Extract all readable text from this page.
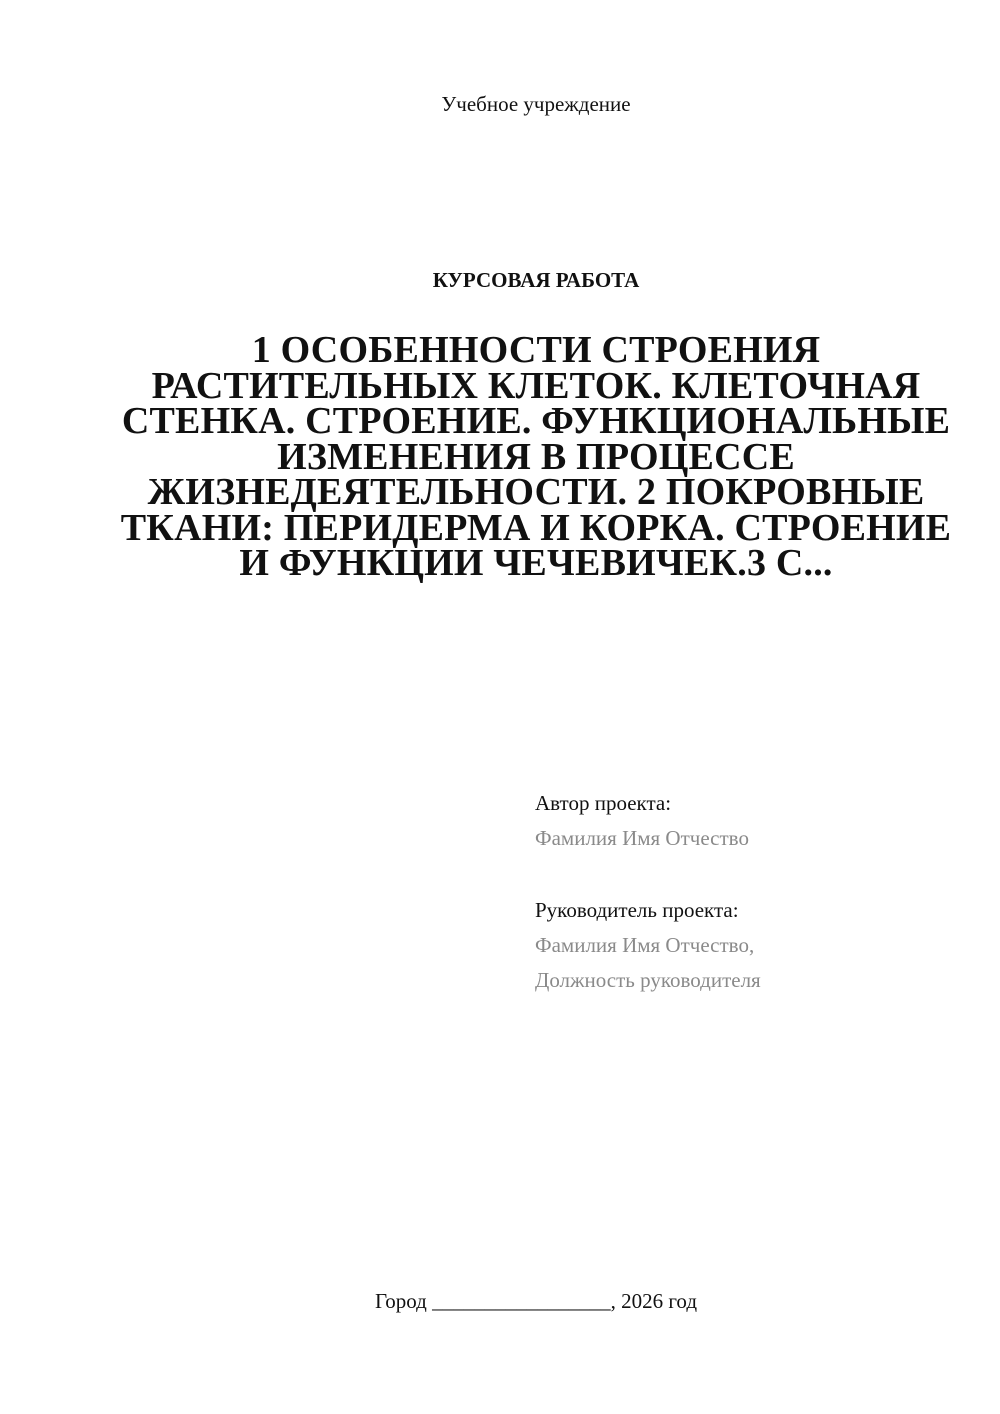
Учебное учреждение
КУРСОВАЯ РАБОТА
1 ОСОБЕННОСТИ СТРОЕНИЯ РАСТИТЕЛЬНЫХ КЛЕТОК. КЛЕТОЧНАЯ СТЕНКА. СТРОЕНИЕ. ФУНКЦИОНАЛЬНЫЕ ИЗМЕНЕНИЯ В ПРОЦЕССЕ ЖИЗНЕДЕЯТЕЛЬНОСТИ. 2 ПОКРОВНЫЕ ТКАНИ: ПЕРИДЕРМА И КОРКА. СТРОЕНИЕ И ФУНКЦИИ ЧЕЧЕВИЧЕК.3 С...
Автор проекта:
Фамилия Имя Отчество
Руководитель проекта:
Фамилия Имя Отчество,
Должность руководителя
Город _________________, 2026 год
